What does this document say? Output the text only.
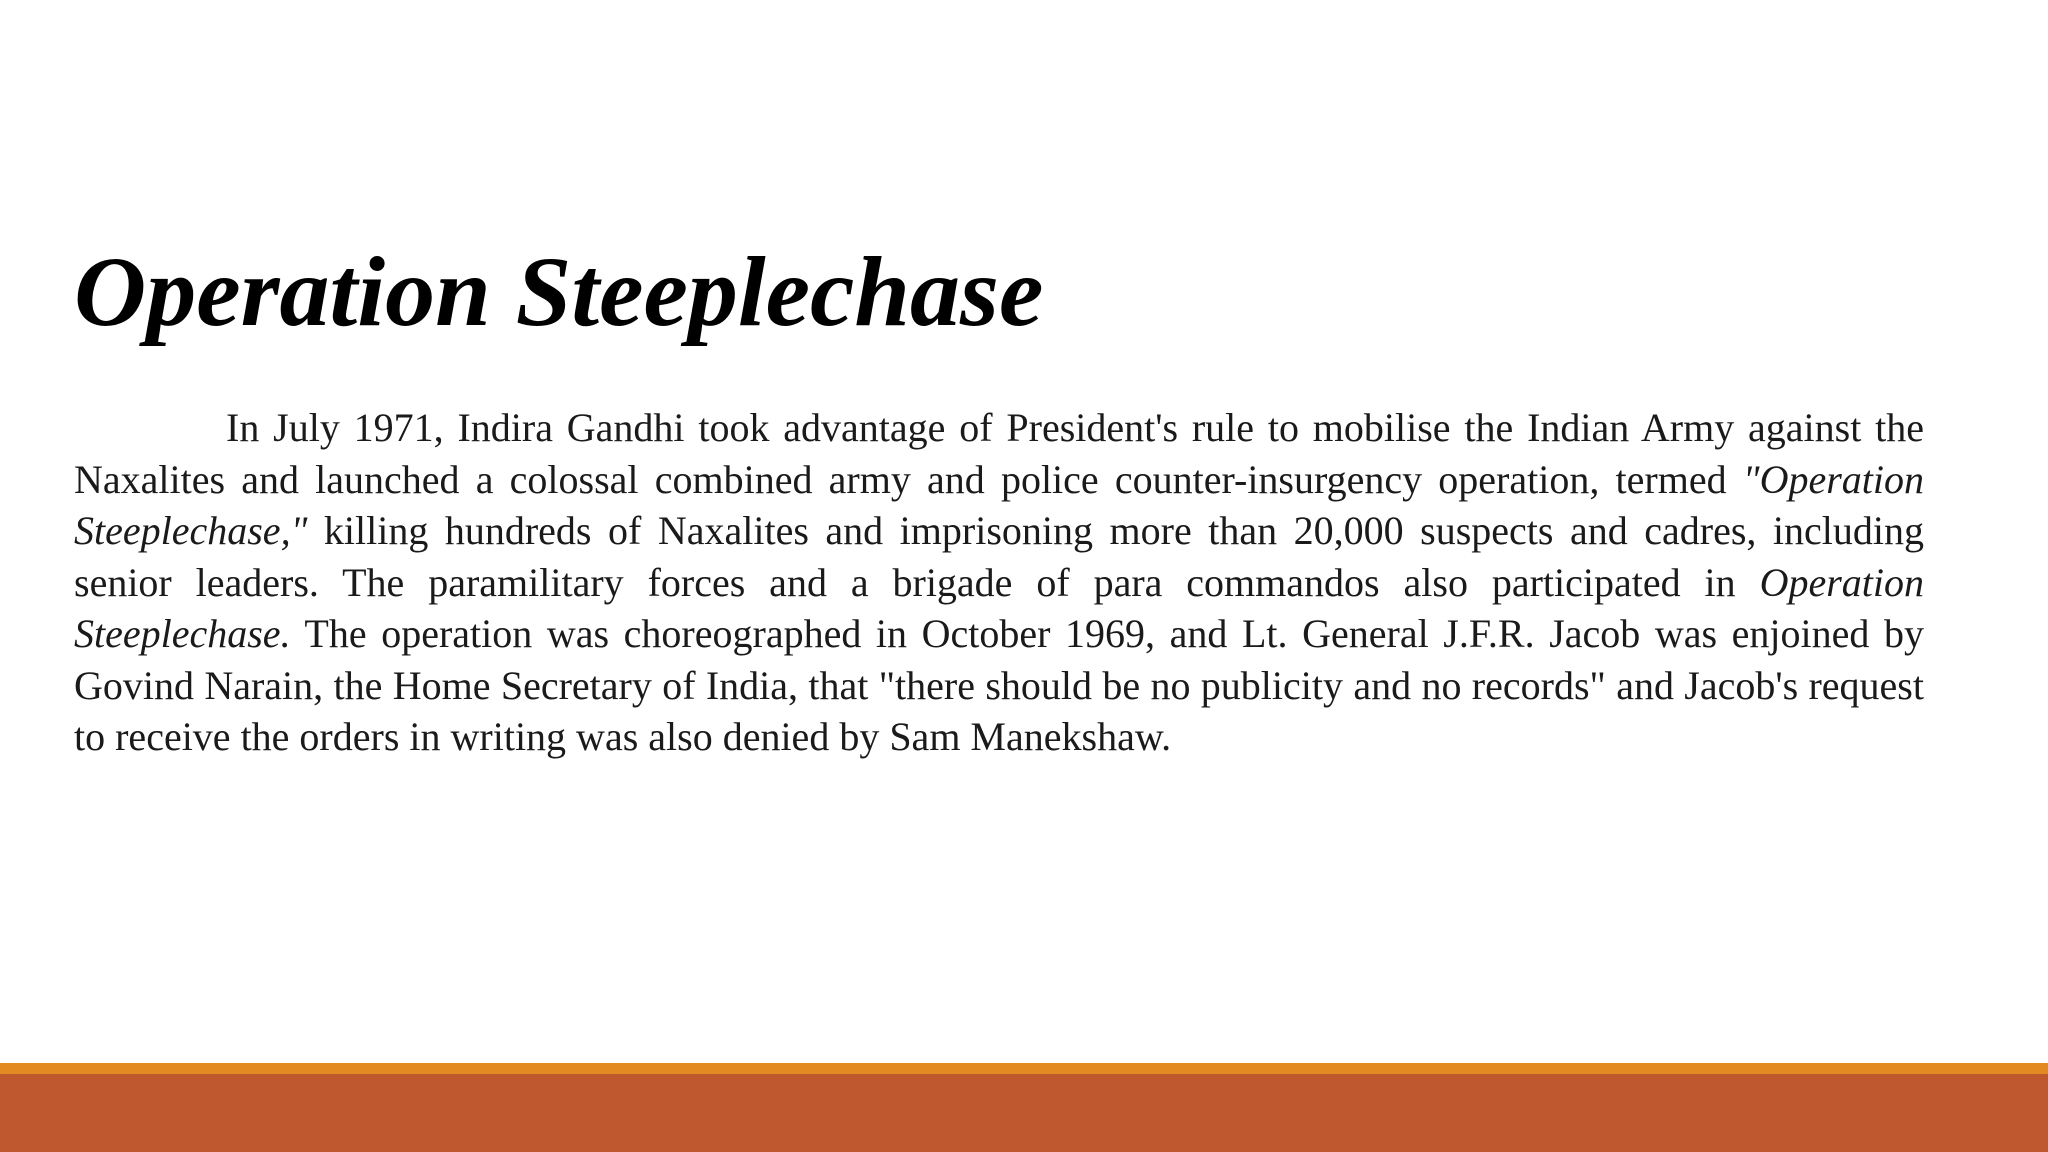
Operation Steeplechase

In July 1971, Indira Gandhi took advantage of President's rule to mobilise the Indian Army against the Naxalites and launched a colossal combined army and police counter-insurgency operation, termed "Operation Steeplechase," killing hundreds of Naxalites and imprisoning more than 20,000 suspects and cadres, including senior leaders. The paramilitary forces and a brigade of para commandos also participated in Operation Steeplechase. The operation was choreographed in October 1969, and Lt. General J.F.R. Jacob was enjoined by Govind Narain, the Home Secretary of India, that "there should be no publicity and no records" and Jacob's request to receive the orders in writing was also denied by Sam Manekshaw.
